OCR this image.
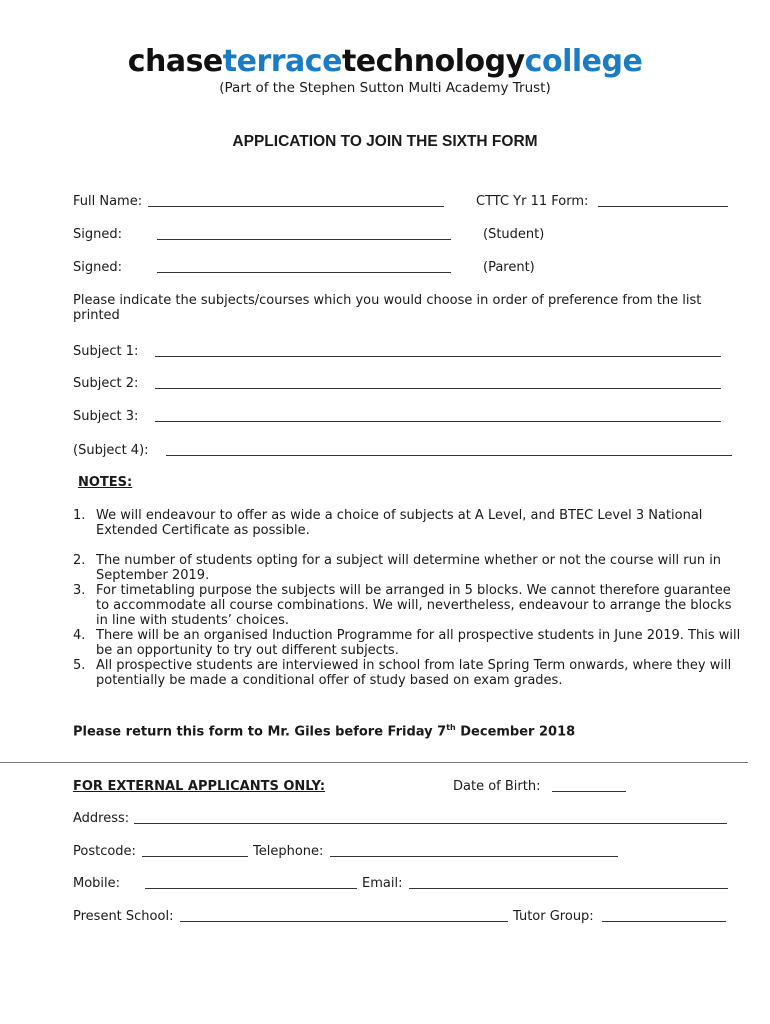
chaseterracetechnologycollege
(Part of the Stephen Sutton Multi Academy Trust)
APPLICATION TO JOIN THE SIXTH FORM
Full Name:	CTTC Yr 11 Form:
Signed:	(Student)
Signed:	(Parent)
Please indicate the subjects/courses which you would choose in order of preference from the list printed
Subject 1:
Subject 2:
Subject 3:
(Subject 4):
NOTES:
1. We will endeavour to offer as wide a choice of subjects at A Level, and BTEC Level 3 National Extended Certificate as possible.
2. The number of students opting for a subject will determine whether or not the course will run in September 2019.
3. For timetabling purpose the subjects will be arranged in 5 blocks. We cannot therefore guarantee to accommodate all course combinations. We will, nevertheless, endeavour to arrange the blocks in line with students’ choices.
4. There will be an organised Induction Programme for all prospective students in June 2019. This will be an opportunity to try out different subjects.
5. All prospective students are interviewed in school from late Spring Term onwards, where they will potentially be made a conditional offer of study based on exam grades.
Please return this form to Mr. Giles before Friday 7th December 2018
FOR EXTERNAL APPLICANTS ONLY:	Date of Birth:
Address:
Postcode:	Telephone:
Mobile:	Email:
Present School:	Tutor Group:
